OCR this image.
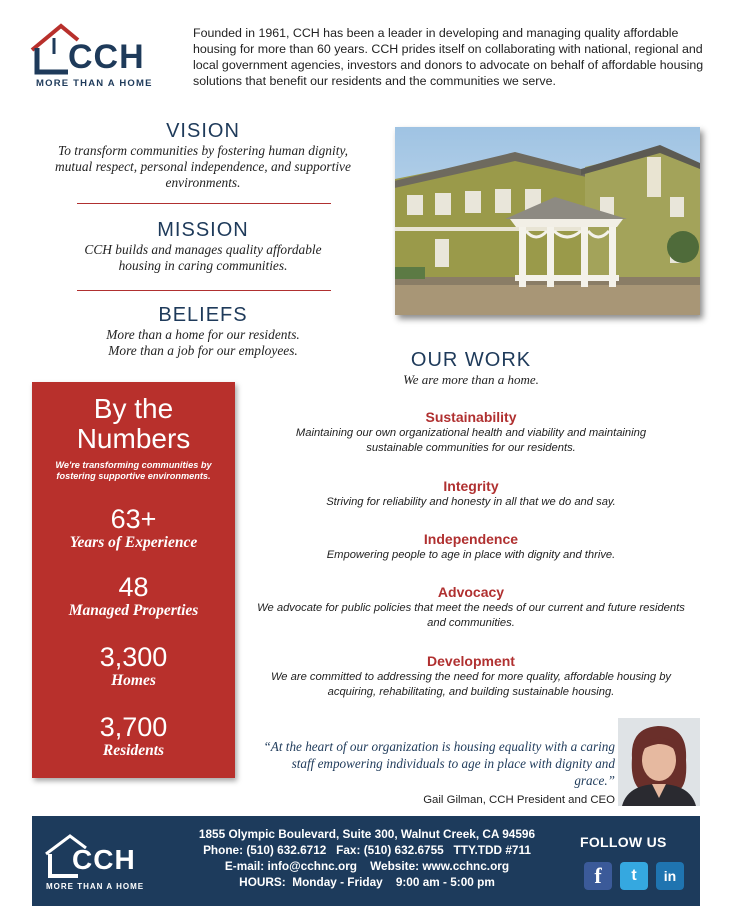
CCH
MORE THAN A HOME
Founded in 1961, CCH has been a leader in developing and managing quality affordable housing for more than 60 years. CCH prides itself on collaborating with national, regional and local government agencies, investors and donors to advocate on behalf of affordable housing solutions that benefit our residents and the communities we serve.
VISION
To transform communities by fostering human dignity, mutual respect, personal independence, and supportive environments.
MISSION
CCH builds and manages quality affordable housing in caring communities.
BELIEFS
More than a home for our residents.
More than a job for our employees.
By the
Numbers
We're transforming communities by fostering supportive environments.
63+
Years of Experience
48
Managed Properties
3,300
Homes
3,700
Residents
OUR WORK
We are more than a home.
Sustainability
Maintaining our own organizational health and viability and maintaining sustainable communities for our residents.
Integrity
Striving for reliability and honesty in all that we do and say.
Independence
Empowering people to age in place with dignity and thrive.
Advocacy
We advocate for public policies that meet the needs of our current and future residents and communities.
Development
We are committed to addressing the need for more quality, affordable housing by acquiring, rehabilitating, and building sustainable housing.
“At the heart of our organization is housing equality with a caring staff empowering individuals to age in place with dignity and grace.”
Gail Gilman, CCH President and CEO
CCH
MORE THAN A HOME
1855 Olympic Boulevard, Suite 300, Walnut Creek, CA 94596
Phone: (510) 632.6712   Fax: (510) 632.6755   TTY.TDD #711
E-mail: info@cchnc.org    Website: www.cchnc.org
HOURS:  Monday - Friday    9:00 am - 5:00 pm
FOLLOW US
f	t	in
